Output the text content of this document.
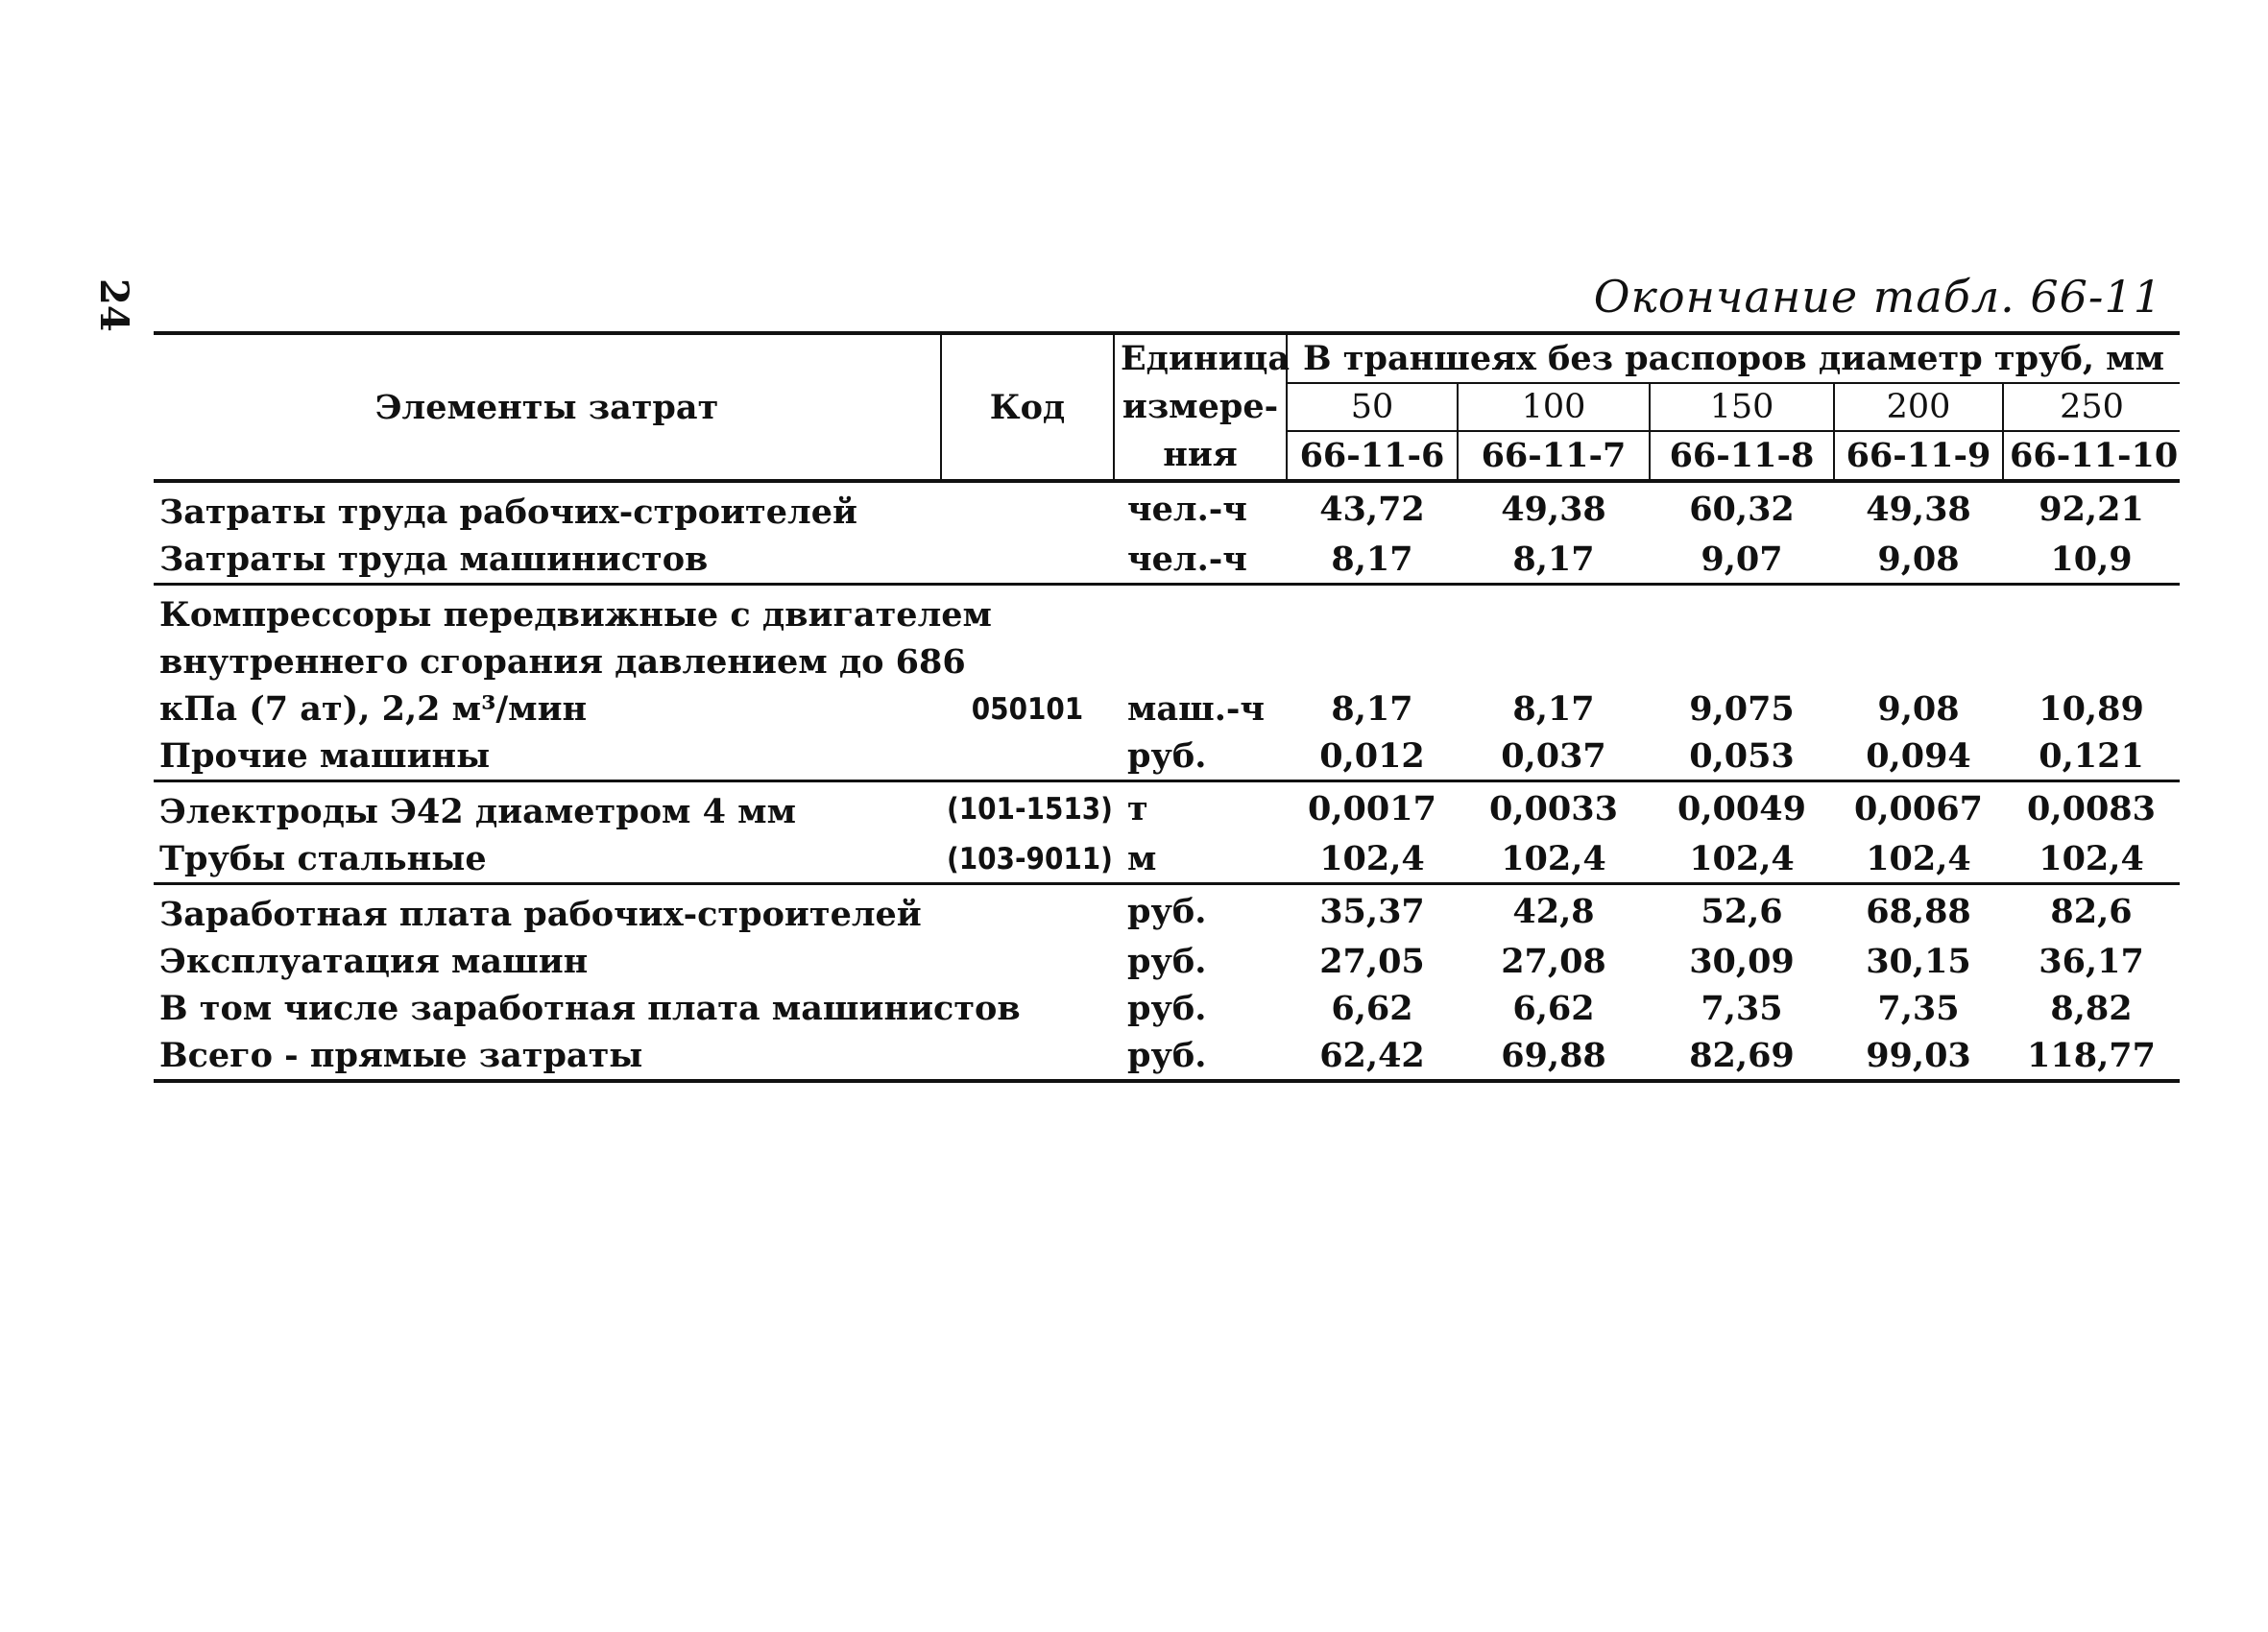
24	Окончание табл. 66-11
Элементы затрат	Код	Единица
измере-
ния	В траншеях без распоров диаметр труб, мм				
			50	100	150	200	250
			66-11-6	66-11-7	66-11-8	66-11-9	66-11-10
Затраты труда рабочих-строителей		чел.-ч	43,72	49,38	60,32	49,38	92,21
Затраты труда машинистов		чел.-ч	8,17	8,17	9,07	9,08	10,9
Компрессоры передвижные с двигателем							
внутреннего сгорания давлением до 686							
кПа (7 ат), 2,2 м³/мин	050101	маш.-ч	8,17	8,17	9,075	9,08	10,89
Прочие машины		руб.	0,012	0,037	0,053	0,094	0,121
Электроды Э42 диаметром 4 мм	(101-1513)	т	0,0017	0,0033	0,0049	0,0067	0,0083
Трубы стальные	(103-9011)	м	102,4	102,4	102,4	102,4	102,4
Заработная плата рабочих-строителей		руб.	35,37	42,8	52,6	68,88	82,6
Эксплуатация машин		руб.	27,05	27,08	30,09	30,15	36,17
В том числе заработная плата машинистов		руб.	6,62	6,62	7,35	7,35	8,82
Всего - прямые затраты		руб.	62,42	69,88	82,69	99,03	118,77
